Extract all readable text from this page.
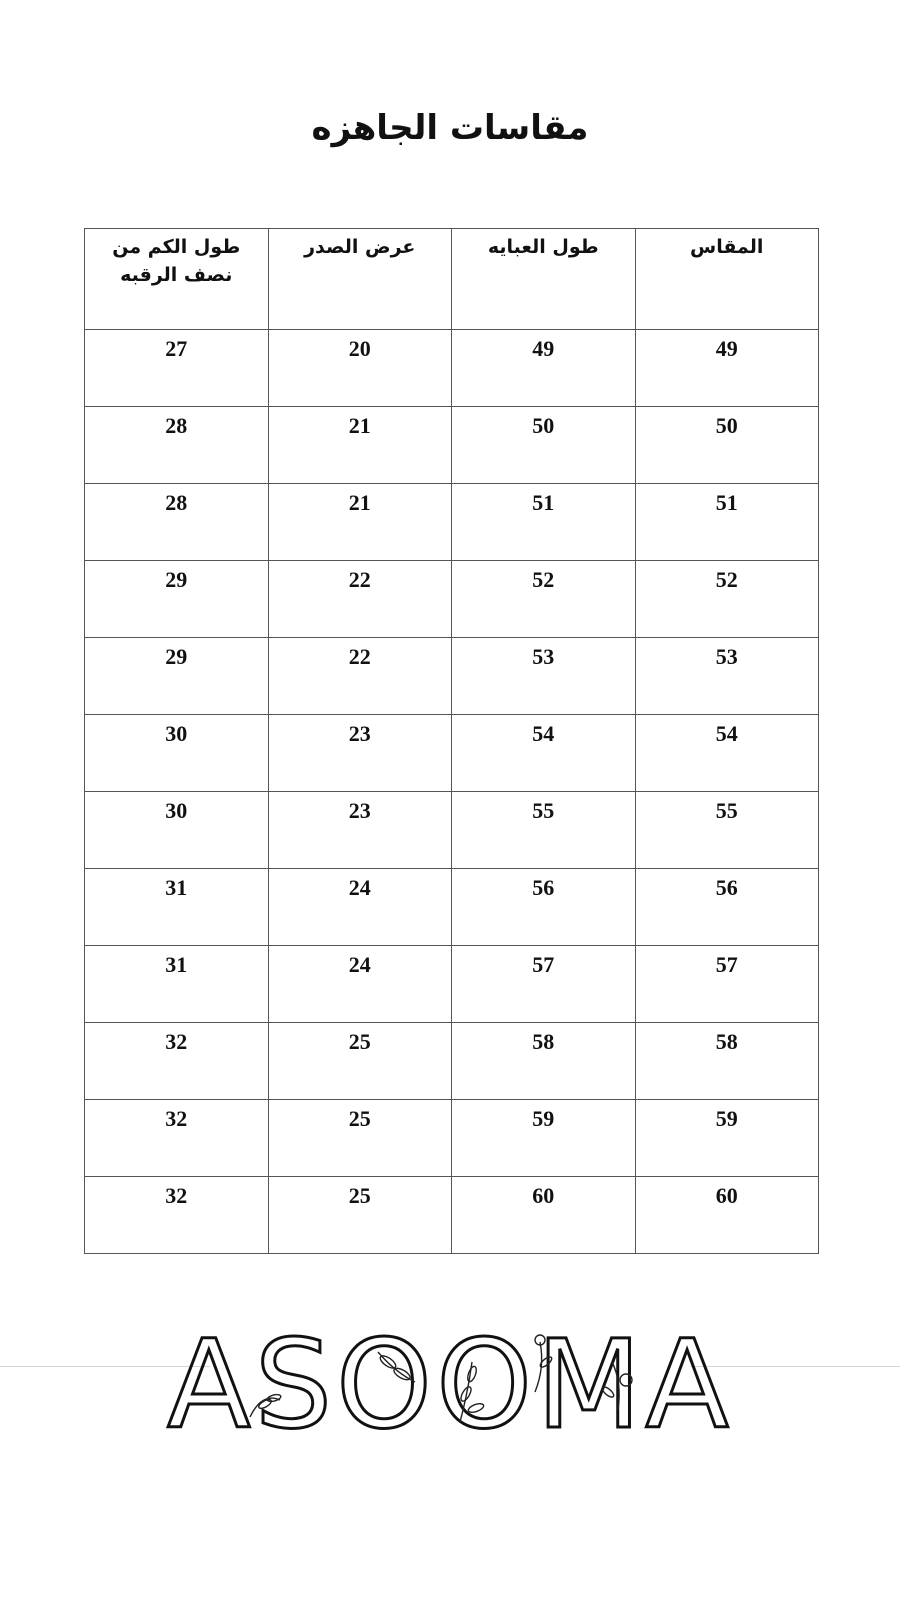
مقاسات الجاهزه
المقاس	طول العبايه	عرض الصدر	طول الكم من نصف الرقبه
49	49	20	27
50	50	21	28
51	51	21	28
52	52	22	29
53	53	22	29
54	54	23	30
55	55	23	30
56	56	24	31
57	57	24	31
58	58	25	32
59	59	25	32
60	60	25	32
ASOOMA
